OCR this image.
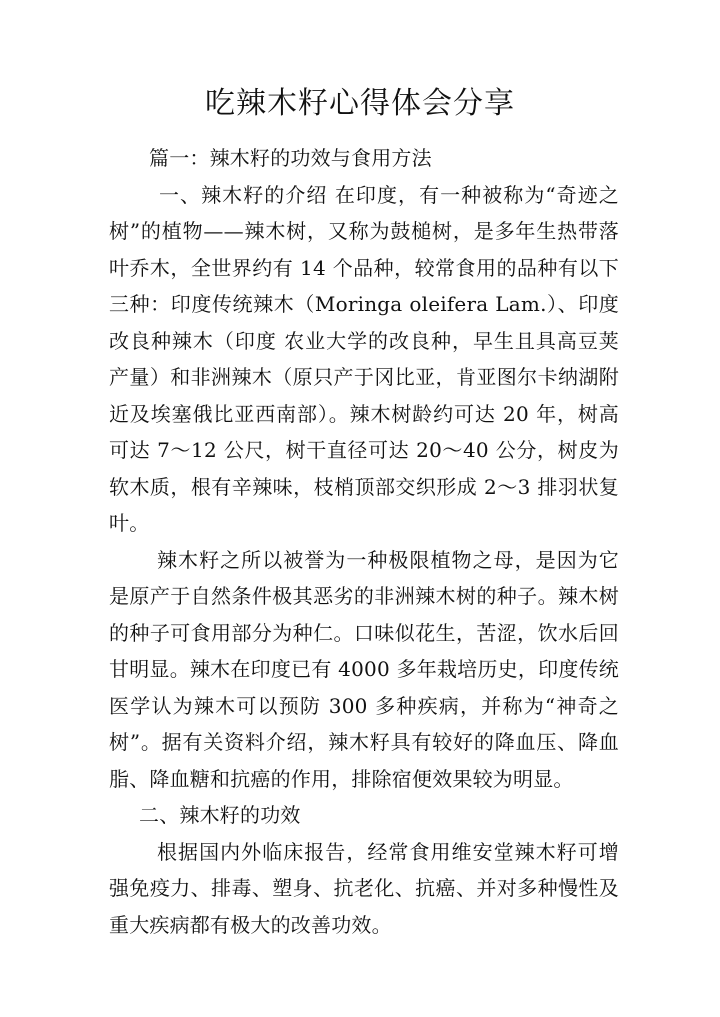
吃辣木籽心得体会分享

篇一：辣木籽的功效与食用方法

一、辣木籽的介绍 在印度，有一种被称为“奇迹之树”的植物——辣木树，又称为鼓槌树，是多年生热带落叶乔木，全世界约有 14 个品种，较常食用的品种有以下三种：印度传统辣木（Moringa oleifera Lam.）、印度改良种辣木（印度 农业大学的改良种，早生且具高豆荚产量）和非洲辣木（原只产于冈比亚，肯亚图尔卡纳湖附近及埃塞俄比亚西南部）。辣木树龄约可达 20 年，树高可达 7～12 公尺，树干直径可达 20～40 公分，树皮为软木质，根有辛辣味，枝梢顶部交织形成 2～3 排羽状复叶。

辣木籽之所以被誉为一种极限植物之母，是因为它是原产于自然条件极其恶劣的非洲辣木树的种子。辣木树的种子可食用部分为种仁。口味似花生，苦涩，饮水后回甘明显。辣木在印度已有 4000 多年栽培历史，印度传统医学认为辣木可以预防 300 多种疾病，并称为“神奇之树”。据有关资料介绍，辣木籽具有较好的降血压、降血脂、降血糖和抗癌的作用，排除宿便效果较为明显。

二、辣木籽的功效

根据国内外临床报告，经常食用维安堂辣木籽可增强免疫力、排毒、塑身、抗老化、抗癌、并对多种慢性及重大疾病都有极大的改善功效。
